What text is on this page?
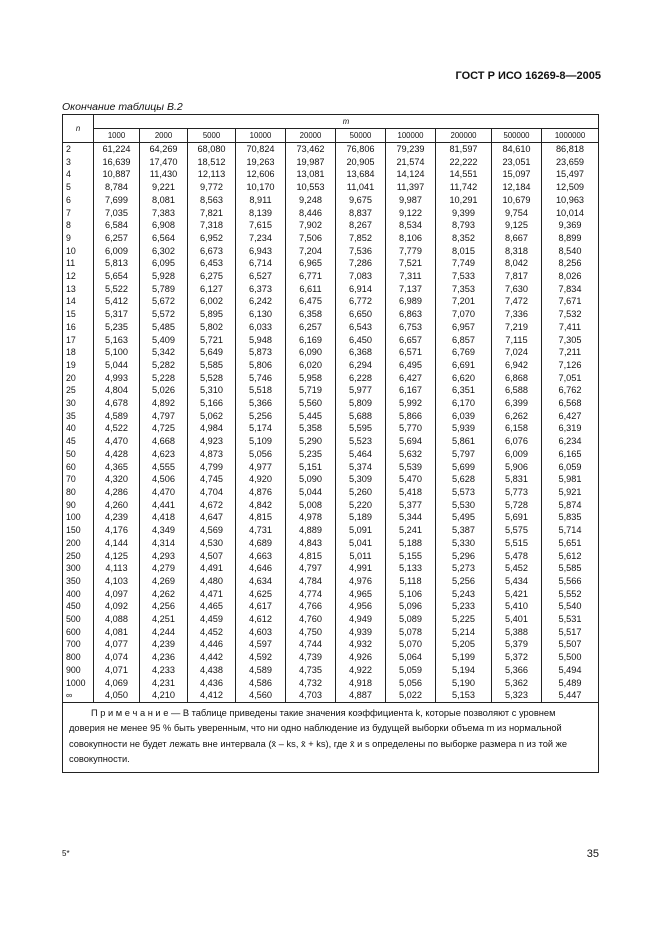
ГОСТ Р ИСО 16269-8—2005
Окончание таблицы В.2
n	m									
	1000	2000	5000	10000	20000	50000	100000	200000	500000	1000000
2	61,224	64,269	68,080	70,824	73,462	76,806	79,239	81,597	84,610	86,818
3	16,639	17,470	18,512	19,263	19,987	20,905	21,574	22,222	23,051	23,659
4	10,887	11,430	12,113	12,606	13,081	13,684	14,124	14,551	15,097	15,497
5	8,784	9,221	9,772	10,170	10,553	11,041	11,397	11,742	12,184	12,509
6	7,699	8,081	8,563	8,911	9,248	9,675	9,987	10,291	10,679	10,963
7	7,035	7,383	7,821	8,139	8,446	8,837	9,122	9,399	9,754	10,014
8	6,584	6,908	7,318	7,615	7,902	8,267	8,534	8,793	9,125	9,369
9	6,257	6,564	6,952	7,234	7,506	7,852	8,106	8,352	8,667	8,899
10	6,009	6,302	6,673	6,943	7,204	7,536	7,779	8,015	8,318	8,540
11	5,813	6,095	6,453	6,714	6,965	7,286	7,521	7,749	8,042	8,256
12	5,654	5,928	6,275	6,527	6,771	7,083	7,311	7,533	7,817	8,026
13	5,522	5,789	6,127	6,373	6,611	6,914	7,137	7,353	7,630	7,834
14	5,412	5,672	6,002	6,242	6,475	6,772	6,989	7,201	7,472	7,671
15	5,317	5,572	5,895	6,130	6,358	6,650	6,863	7,070	7,336	7,532
16	5,235	5,485	5,802	6,033	6,257	6,543	6,753	6,957	7,219	7,411
17	5,163	5,409	5,721	5,948	6,169	6,450	6,657	6,857	7,115	7,305
18	5,100	5,342	5,649	5,873	6,090	6,368	6,571	6,769	7,024	7,211
19	5,044	5,282	5,585	5,806	6,020	6,294	6,495	6,691	6,942	7,126
20	4,993	5,228	5,528	5,746	5,958	6,228	6,427	6,620	6,868	7,051
25	4,804	5,026	5,310	5,518	5,719	5,977	6,167	6,351	6,588	6,762
30	4,678	4,892	5,166	5,366	5,560	5,809	5,992	6,170	6,399	6,568
35	4,589	4,797	5,062	5,256	5,445	5,688	5,866	6,039	6,262	6,427
40	4,522	4,725	4,984	5,174	5,358	5,595	5,770	5,939	6,158	6,319
45	4,470	4,668	4,923	5,109	5,290	5,523	5,694	5,861	6,076	6,234
50	4,428	4,623	4,873	5,056	5,235	5,464	5,632	5,797	6,009	6,165
60	4,365	4,555	4,799	4,977	5,151	5,374	5,539	5,699	5,906	6,059
70	4,320	4,506	4,745	4,920	5,090	5,309	5,470	5,628	5,831	5,981
80	4,286	4,470	4,704	4,876	5,044	5,260	5,418	5,573	5,773	5,921
90	4,260	4,441	4,672	4,842	5,008	5,220	5,377	5,530	5,728	5,874
100	4,239	4,418	4,647	4,815	4,978	5,189	5,344	5,495	5,691	5,835
150	4,176	4,349	4,569	4,731	4,889	5,091	5,241	5,387	5,575	5,714
200	4,144	4,314	4,530	4,689	4,843	5,041	5,188	5,330	5,515	5,651
250	4,125	4,293	4,507	4,663	4,815	5,011	5,155	5,296	5,478	5,612
300	4,113	4,279	4,491	4,646	4,797	4,991	5,133	5,273	5,452	5,585
350	4,103	4,269	4,480	4,634	4,784	4,976	5,118	5,256	5,434	5,566
400	4,097	4,262	4,471	4,625	4,774	4,965	5,106	5,243	5,421	5,552
450	4,092	4,256	4,465	4,617	4,766	4,956	5,096	5,233	5,410	5,540
500	4,088	4,251	4,459	4,612	4,760	4,949	5,089	5,225	5,401	5,531
600	4,081	4,244	4,452	4,603	4,750	4,939	5,078	5,214	5,388	5,517
700	4,077	4,239	4,446	4,597	4,744	4,932	5,070	5,205	5,379	5,507
800	4,074	4,236	4,442	4,592	4,739	4,926	5,064	5,199	5,372	5,500
900	4,071	4,233	4,438	4,589	4,735	4,922	5,059	5,194	5,366	5,494
1000	4,069	4,231	4,436	4,586	4,732	4,918	5,056	5,190	5,362	5,489
∞	4,050	4,210	4,412	4,560	4,703	4,887	5,022	5,153	5,323	5,447
П р и м е ч а н и е — В таблице приведены такие значения коэффициента k, которые позволяют с уровнем доверия не менее 95 % быть уверенным, что ни одно наблюдение из будущей выборки объема m из нормальной совокупности не будет лежать вне интервала (x̄ – ks, x̄ + ks), где x̄ и s определены по выборке размера n из той же совокупности.										
5*	35
